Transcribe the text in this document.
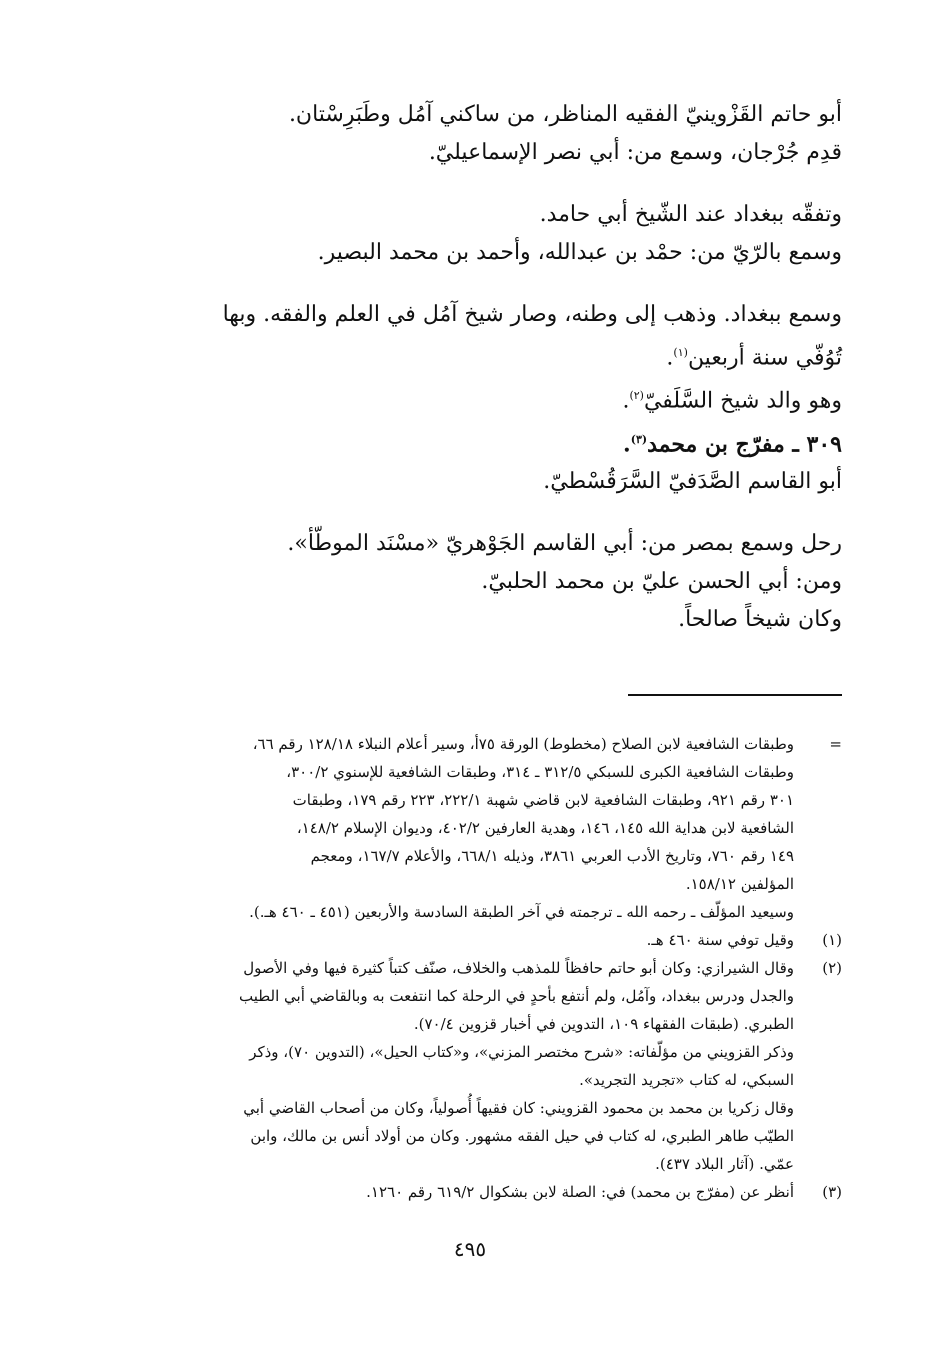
أبو حاتم القَزْوينيّ الفقيه المناظر، من ساكني آمُل وطَبَرِسْتان.

قدِم جُرْجان، وسمع من: أبي نصر الإسماعيليّ.

وتفقّه ببغداد عند الشّيخ أبي حامد.

وسمع بالرّيّ من: حمْد بن عبدالله، وأحمد بن محمد البصير.

وسمع ببغداد. وذهب إلى وطنه، وصار شيخ آمُل في العلم والفقه. وبها

تُوُفّي سنة أربعين$^{(١)}$.

وهو والد شيخ السَّلَفيّ$^{(٢)}$.

٣٠٩ ـ مفرّج بن محمد$^{(٣)}$.

أبو القاسم الصَّدَفيّ السَّرَقُسْطيّ.

رحل وسمع بمصر من: أبي القاسم الجَوْهريّ «مسْنَد الموطّأ».

ومن: أبي الحسن عليّ بن محمد الحلبيّ.

وكان شيخاً صالحاً.

=
وطبقات الشافعية لابن الصلاح (مخطوط) الورقة ٧٥أ، وسير أعلام النبلاء ١٢٨/١٨ رقم ٦٦،
وطبقات الشافعية الكبرى للسبكي ٣١٢/٥ ـ ٣١٤، وطبقات الشافعية للإسنوي ٣٠٠/٢،
٣٠١ رقم ٩٢١، وطبقات الشافعية لابن قاضي شهبة ٢٢٢/١، ٢٢٣ رقم ١٧٩، وطبقات
الشافعية لابن هداية الله ١٤٥، ١٤٦، وهدية العارفين ٤٠٢/٢، وديوان الإسلام ١٤٨/٢،
١٤٩ رقم ٧٦٠، وتاريخ الأدب العربي ٣٨٦١، وذيله ٦٦٨/١، والأعلام ١٦٧/٧، ومعجم
المؤلفين ١٥٨/١٢.
وسيعيد المؤلّف ـ رحمه الله ـ ترجمته في آخر الطبقة السادسة والأربعين (٤٥١ ـ ٤٦٠ هـ.).
(١)
وقيل توفي سنة ٤٦٠ هـ.
(٢)
وقال الشيرازي: وكان أبو حاتم حافظاً للمذهب والخلاف، صنّف كتباً كثيرة فيها وفي الأصول
والجدل ودرس ببغداد، وآمُل، ولم أنتفع بأحدٍ في الرحلة كما انتفعت به وبالقاضي أبي الطيب
الطبري. (طبقات الفقهاء ١٠٩، التدوين في أخبار قزوين ٧٠/٤).
وذكر القزويني من مؤلّفاته: «شرح مختصر المزني»، و«كتاب الحيل»، (التدوين ٧٠)، وذكر
السبكي، له كتاب «تجريد التجريد».
وقال زكريا بن محمد بن محمود القزويني: كان فقيهاً أُصولياً، وكان من أصحاب القاضي أبي
الطيّب طاهر الطبري، له كتاب في حيل الفقه مشهور. وكان من أولاد أنس بن مالك، وابن
عمّي. (آثار البلاد ٤٣٧).
(٣)
أنظر عن (مفرّج بن محمد) في: الصلة لابن بشكوال ٦١٩/٢ رقم ١٢٦٠.
٤٩٥
